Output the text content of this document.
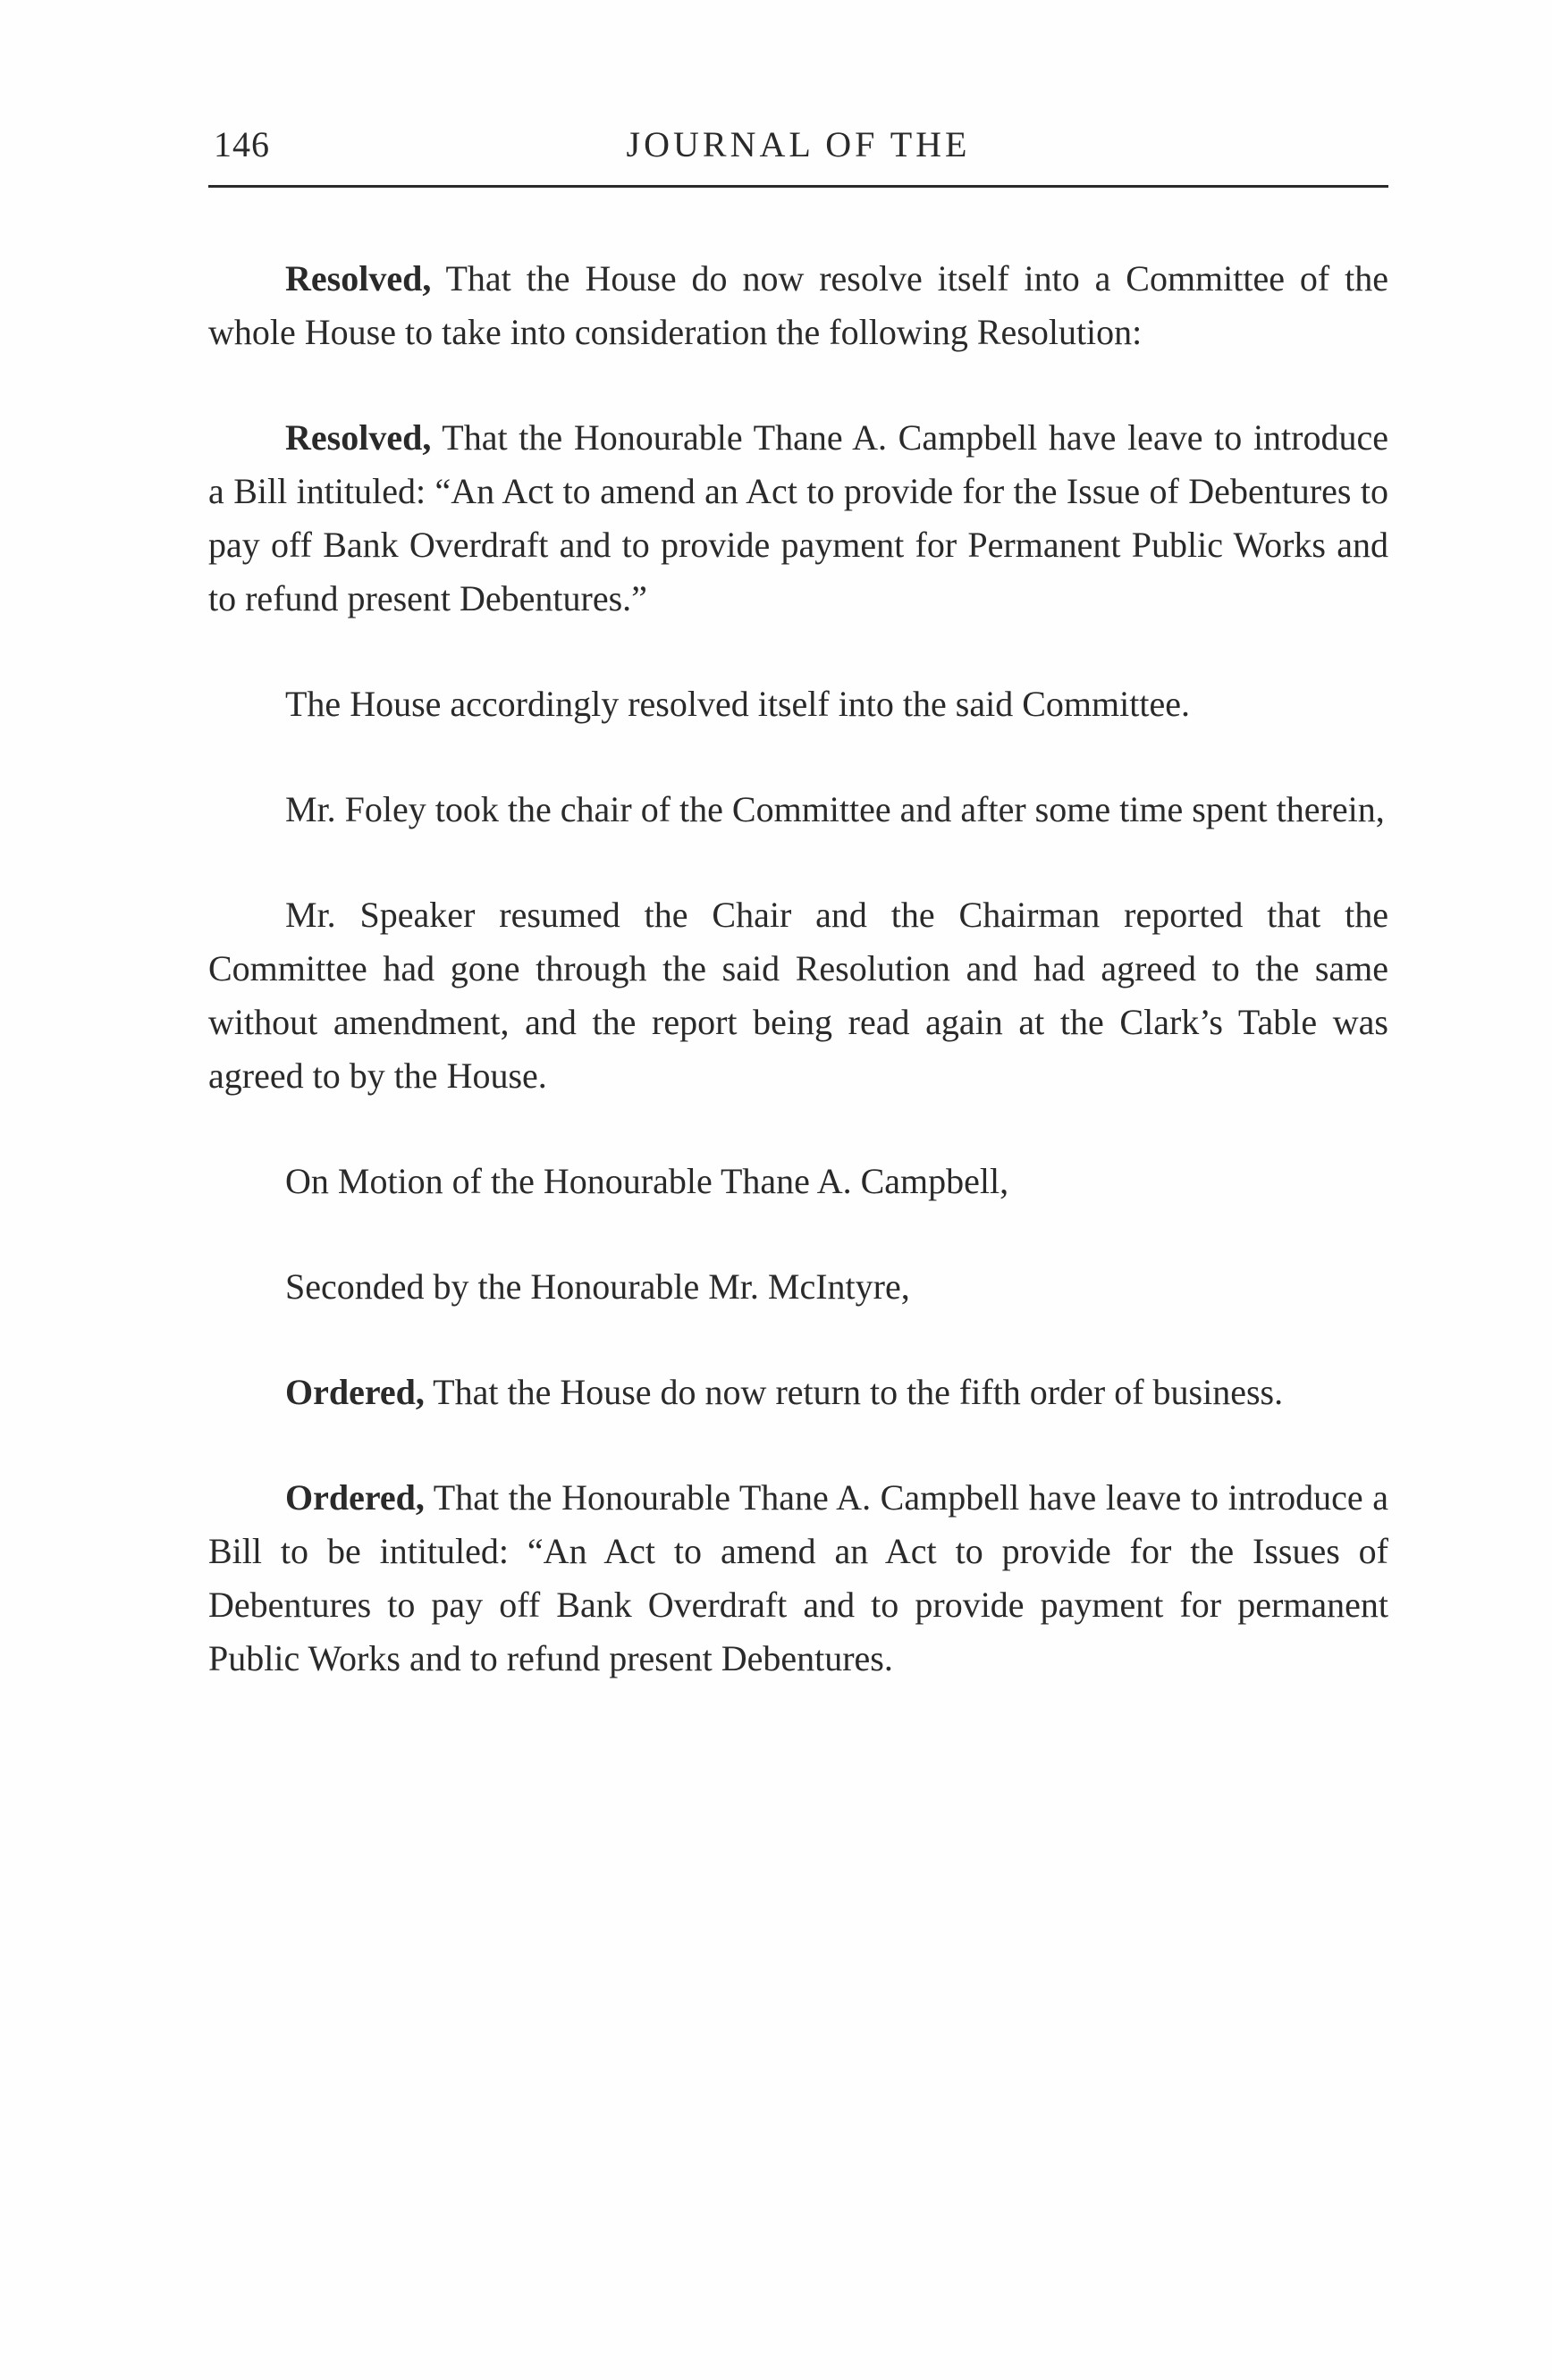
146	JOURNAL OF THE

Resolved, That the House do now resolve itself into a Committee of the whole House to take into consideration the following Resolution:

Resolved, That the Honourable Thane A. Campbell have leave to introduce a Bill intituled: “An Act to amend an Act to provide for the Issue of Debentures to pay off Bank Overdraft and to provide payment for Permanent Public Works and to refund present Debentures.”

The House accordingly resolved itself into the said Committee.

Mr. Foley took the chair of the Committee and after some time spent therein,

Mr. Speaker resumed the Chair and the Chairman reported that the Committee had gone through the said Resolution and had agreed to the same without amendment, and the report being read again at the Clark’s Table was agreed to by the House.

On Motion of the Honourable Thane A. Campbell,

Seconded by the Honourable Mr. McIntyre,

Ordered, That the House do now return to the fifth order of business.

Ordered, That the Honourable Thane A. Campbell have leave to introduce a Bill to be intituled: “An Act to amend an Act to provide for the Issues of Debentures to pay off Bank Overdraft and to provide payment for permanent Public Works and to refund present Debentures.
